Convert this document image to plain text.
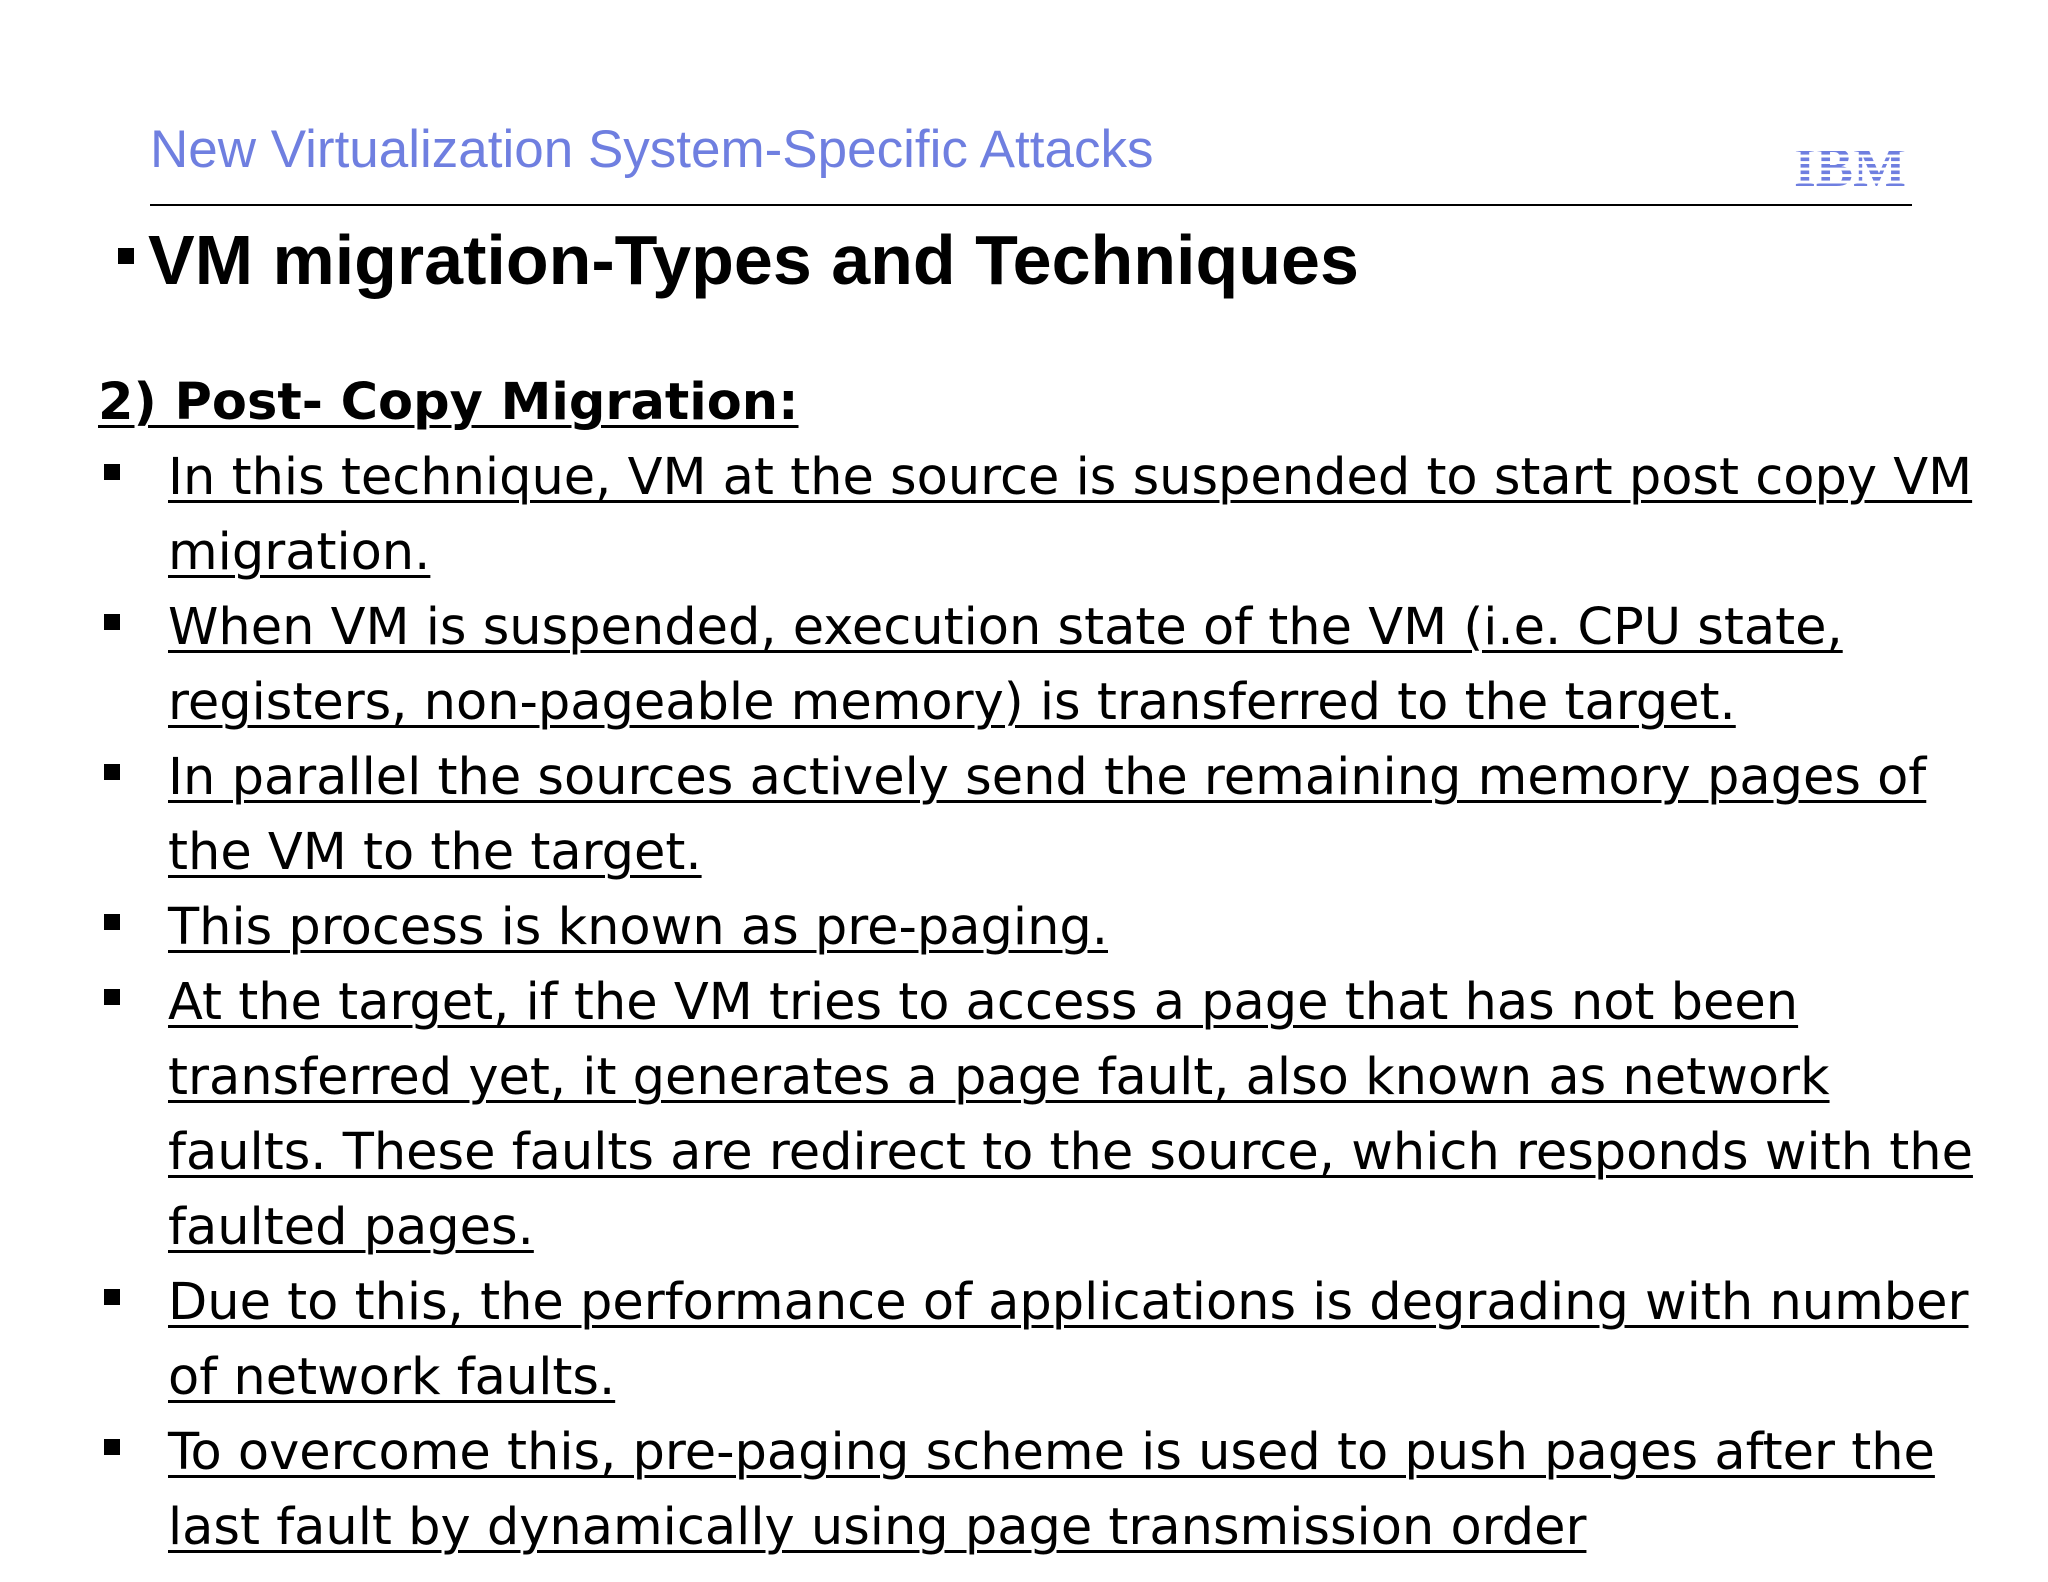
New Virtualization System-Specific Attacks	IBM
VM migration-Types and Techniques
2) Post- Copy Migration:
In this technique, VM at the source is suspended to start post copy VM migration.
When VM is suspended, execution state of the VM (i.e. CPU state, registers, non-pageable memory) is transferred to the target.
In parallel the sources actively send the remaining memory pages of the VM to the target.
This process is known as pre-paging.
At the target, if the VM tries to access a page that has not been transferred yet, it generates a page fault, also known as network faults. These faults are redirect to the source, which responds with the faulted pages.
Due to this, the performance of applications is degrading with number of network faults.
To overcome this, pre-paging scheme is used to push pages after the last fault by dynamically using page transmission order
